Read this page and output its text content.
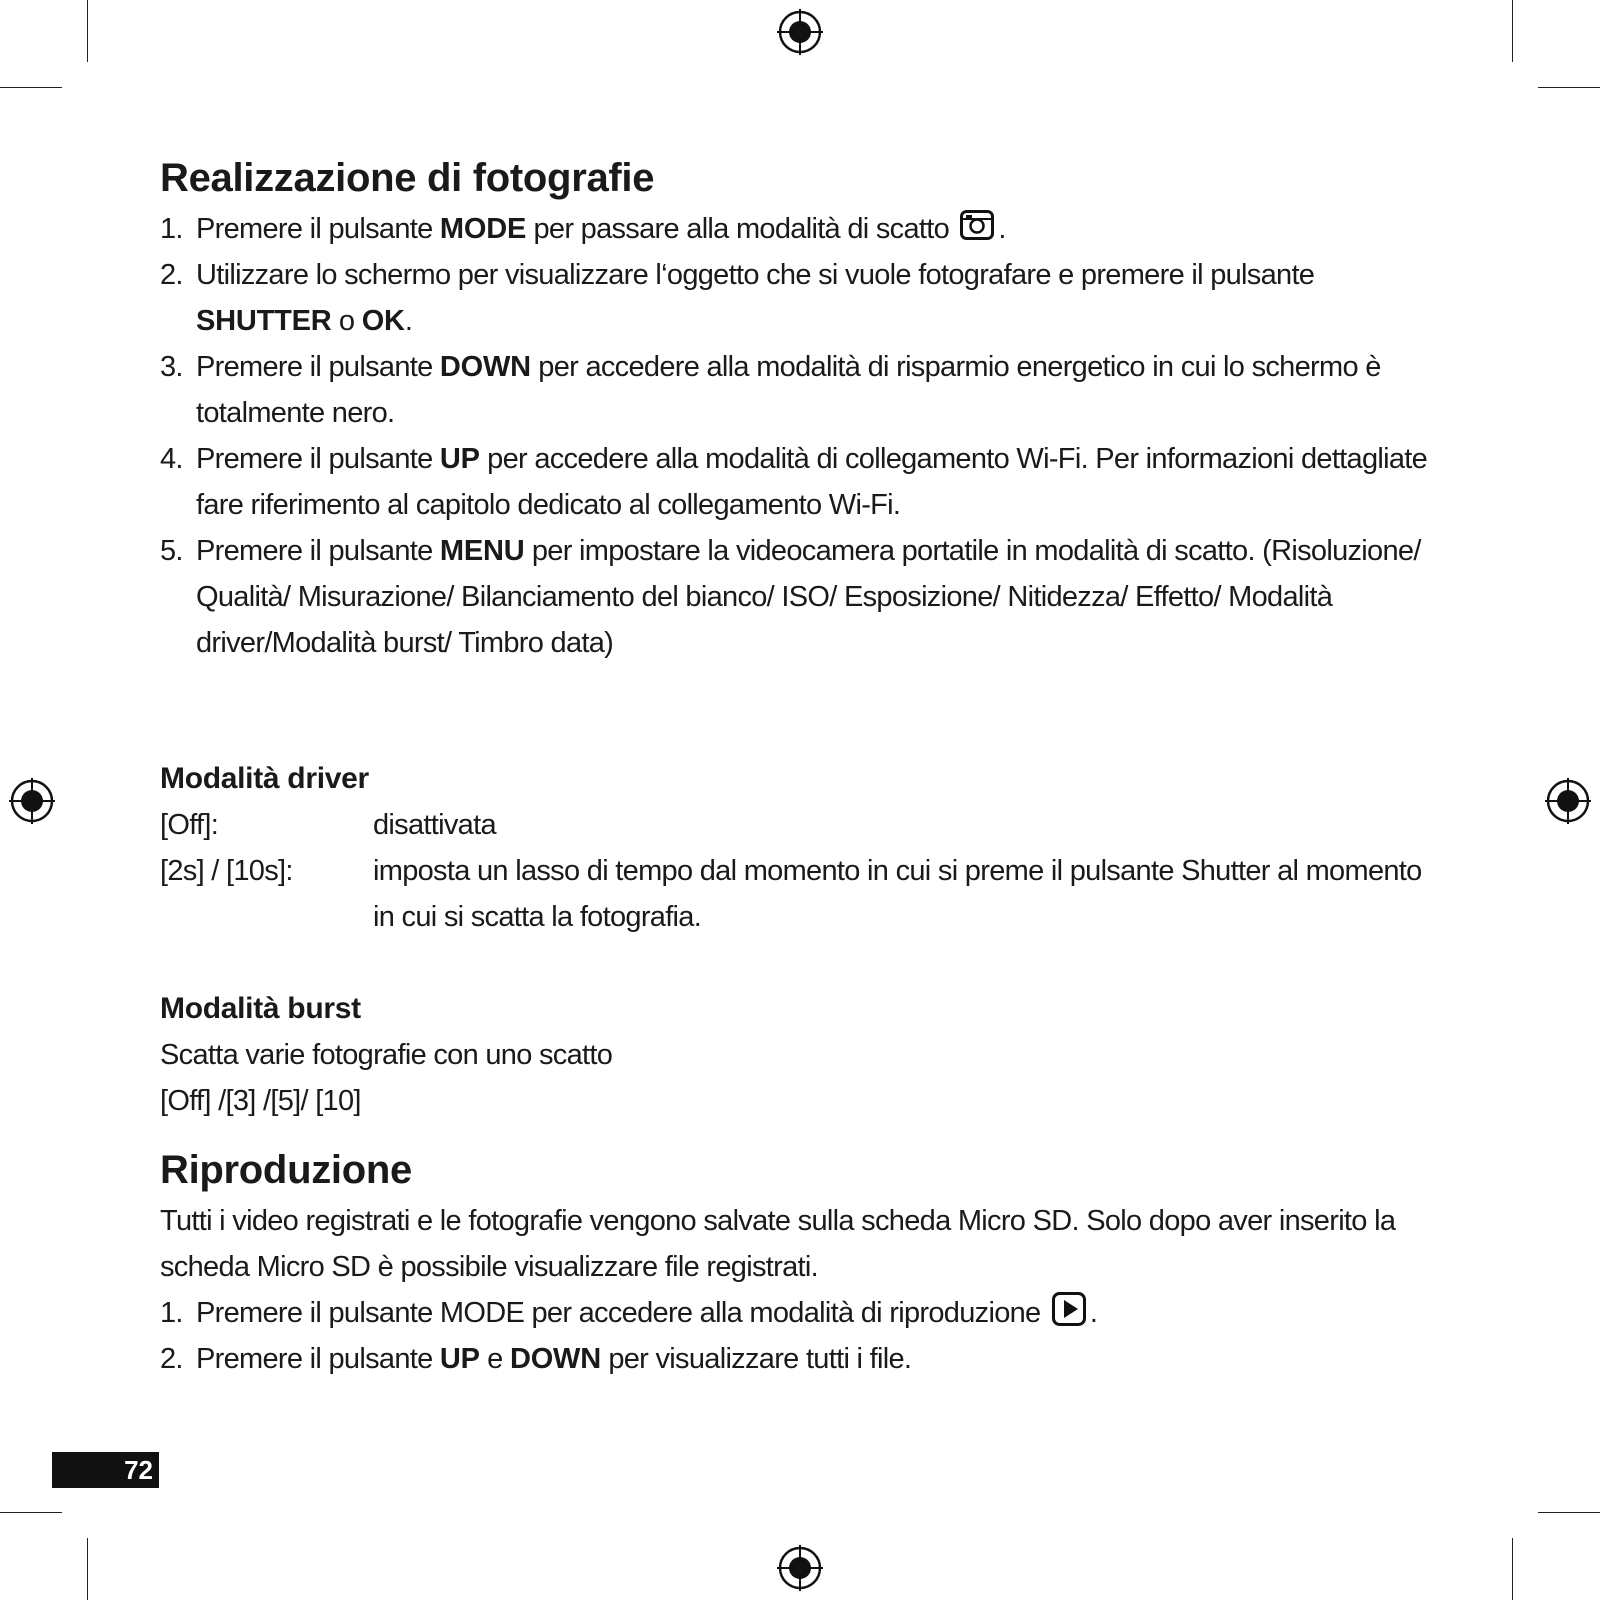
Realizzazione di fotografie
1. Premere il pulsante MODE per passare alla modalità di scatto .
2. Utilizzare lo schermo per visualizzare l‘oggetto che si vuole fotografare e premere il pulsante
SHUTTER o OK.
3. Premere il pulsante DOWN per accedere alla modalità di risparmio energetico in cui lo schermo è totalmente nero.
4. Premere il pulsante UP per accedere alla modalità di collegamento Wi-Fi. Per informazioni dettagliate fare riferimento al capitolo dedicato al collegamento Wi-Fi.
5. Premere il pulsante MENU per impostare la videocamera portatile in modalità di scatto. (Risoluzione/ Qualità/ Misurazione/ Bilanciamento del bianco/ ISO/ Esposizione/ Nitidezza/ Effetto/ Modalità driver/Modalità burst/ Timbro data)
Modalità driver
[Off]:	disattivata
[2s] / [10s]:	imposta un lasso di tempo dal momento in cui si preme il pulsante Shutter al momento in cui si scatta la fotografia.
Modalità burst

Scatta varie fotografie con uno scatto

[Off] /[3] /[5]/ [10]

Riproduzione

Tutti i video registrati e le fotografie vengono salvate sulla scheda Micro SD. Solo dopo aver inserito la scheda Micro SD è possibile visualizzare file registrati.

1. Premere il pulsante MODE per accedere alla modalità di riproduzione .
2. Premere il pulsante UP e DOWN per visualizzare tutti i file.
72
